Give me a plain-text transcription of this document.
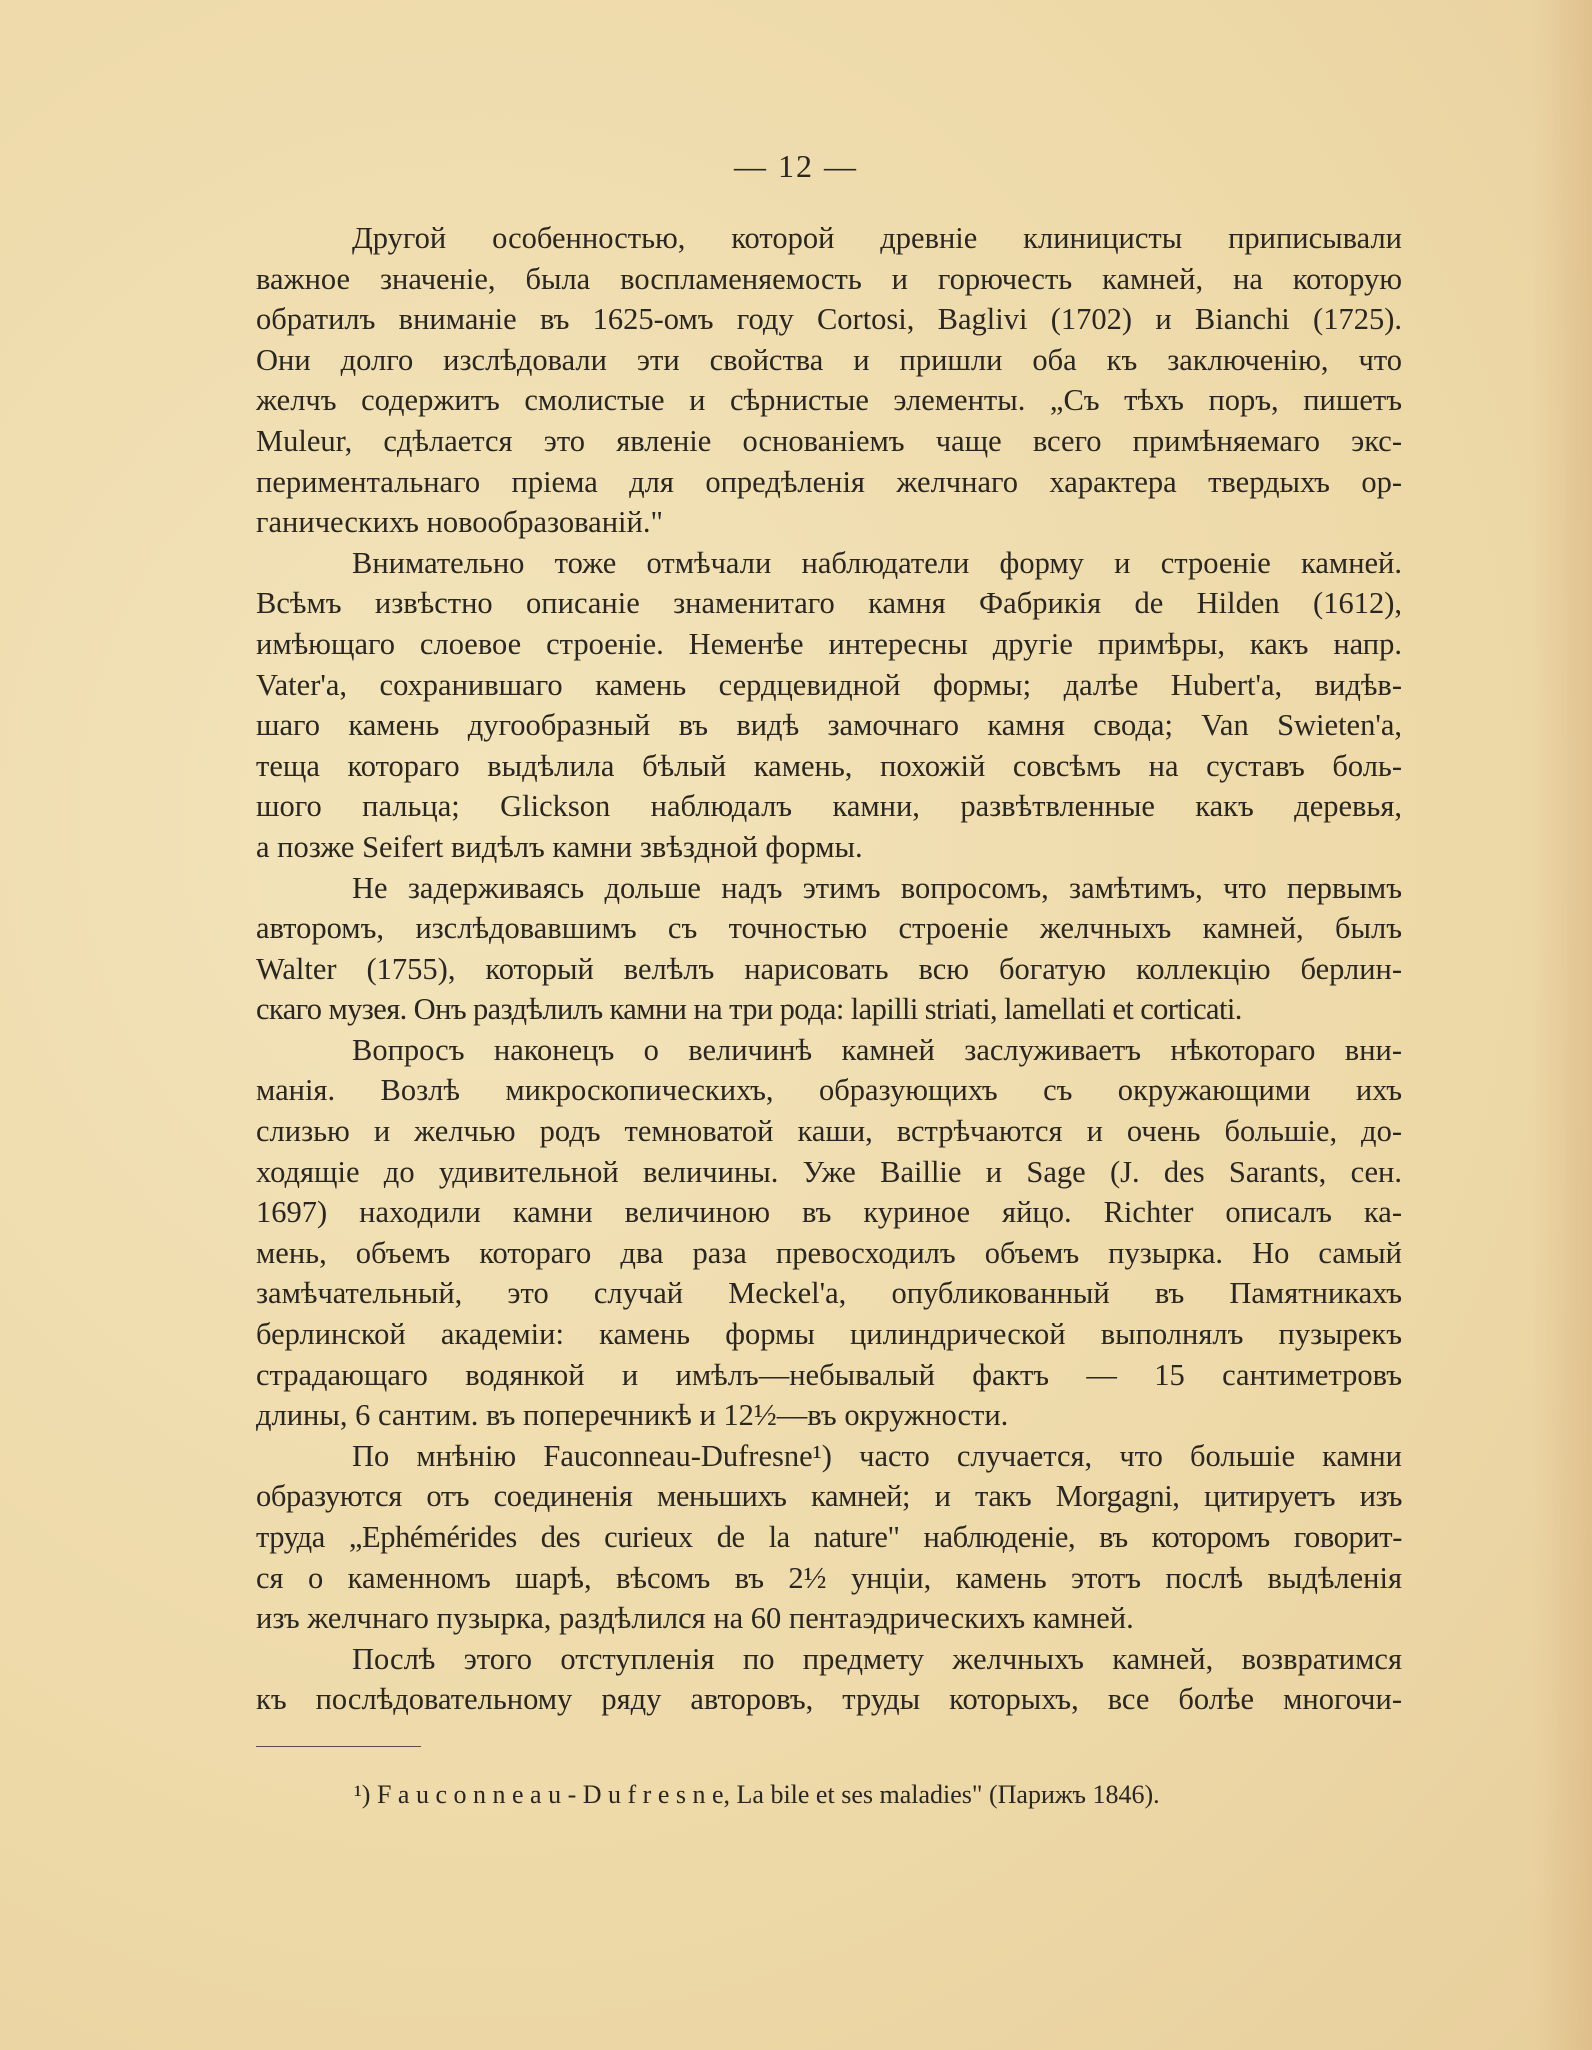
— 12 —

Другой особенностью, которой древнiе клиницисты приписывали
важное значенiе, была воспламеняемость и горючесть камней, на которую
обратилъ вниманiе въ 1625-омъ году Cortosi, Baglivi (1702) и Bianchi (1725).
Они долго изслѣдовали эти свойства и пришли оба къ заключенiю, что
желчъ содержитъ смолистые и сѣрнистые элементы. „Съ тѣхъ поръ, пишетъ
Muleur, сдѣлается это явленiе основанiемъ чаще всего примѣняемаго экс-
периментальнаго прiема для опредѣленiя желчнаго характера твердыхъ ор-
ганическихъ новообразованiй."

Внимательно тоже отмѣчали наблюдатели форму и строенiе камней.
Всѣмъ извѣстно описанiе знаменитаго камня Фабрикiя de Hilden (1612),
имѣющаго слоевое строенiе. Неменѣе интересны другiе примѣры, какъ напр.
Vater'а, сохранившаго камень сердцевидной формы; далѣе Hubert'а, видѣв-
шаго камень дугообразный въ видѣ замочнаго камня свода; Van Swieten'а,
теща котораго выдѣлила бѣлый камень, похожiй совсѣмъ на суставъ боль-
шого пальца; Glickson наблюдалъ камни, развѣтвленные какъ деревья,
а позже Seifert видѣлъ камни звѣздной формы.

Не задерживаясь дольше надъ этимъ вопросомъ, замѣтимъ, что первымъ
авторомъ, изслѣдовавшимъ съ точностью строенiе желчныхъ камней, былъ
Walter (1755), который велѣлъ нарисовать всю богатую коллекцiю берлин-
скаго музея. Онъ раздѣлилъ камни на три рода: lapilli striati, lamellati et corticati.

Вопросъ наконецъ о величинѣ камней заслуживаетъ нѣкотораго вни-
манiя. Возлѣ микроскопическихъ, образующихъ съ окружающими ихъ
слизью и желчью родъ темноватой каши, встрѣчаются и очень большiе, до-
ходящiе до удивительной величины. Уже Baillie и Sage (J. des Sarants, сен.
1697) находили камни величиною въ куриное яйцо. Richter описалъ ка-
мень, объемъ котораго два раза превосходилъ объемъ пузырка. Но самый
замѣчательный, это случай Meckel'а, опубликованный въ Памятникахъ
берлинской академiи: камень формы цилиндрической выполнялъ пузырекъ
страдающаго водянкой и имѣлъ—небывалый фактъ — 15 сантиметровъ
длины, 6 сантим. въ поперечникѣ и 12½—въ окружности.

По мнѣнiю Fauconneau-Dufresne¹) часто случается, что большiе камни
образуются отъ соединенiя меньшихъ камней; и такъ Morgagni, цитируетъ изъ
труда „Ephémérides des curieux de la nature" наблюденiе, въ которомъ говорит-
ся о каменномъ шарѣ, вѣсомъ въ 2½ унцiи, камень этотъ послѣ выдѣленiя
изъ желчнаго пузырка, раздѣлился на 60 пентаэдрическихъ камней.

Послѣ этого отступленiя по предмету желчныхъ камней, возвратимся
къ послѣдовательному ряду авторовъ, труды которыхъ, все болѣе многочи-

¹) F a u c o n n e a u - D u f r e s n e, La bile et ses maladies" (Парижъ 1846).
